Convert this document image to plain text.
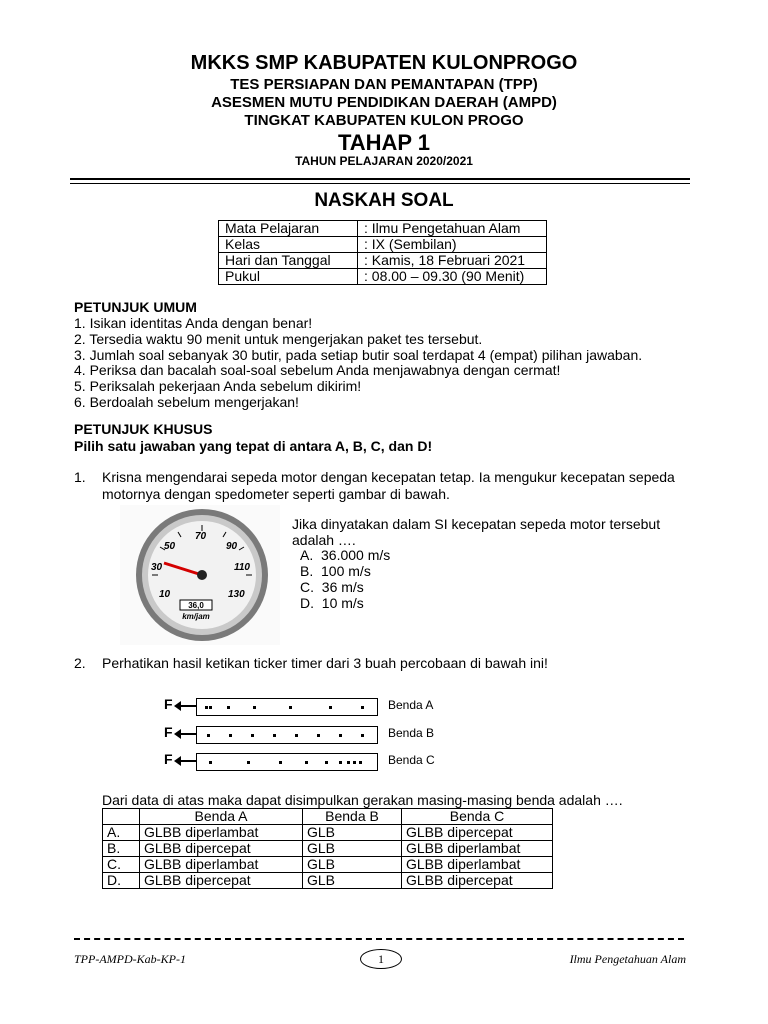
MKKS SMP KABUPATEN KULONPROGO
TES PERSIAPAN DAN PEMANTAPAN (TPP)
ASESMEN MUTU PENDIDIKAN DAERAH (AMPD)
TINGKAT KABUPATEN KULON PROGO
TAHAP 1
TAHUN PELAJARAN 2020/2021
NASKAH SOAL
Mata Pelajaran	: Ilmu Pengetahuan Alam
Kelas	: IX (Sembilan)
Hari dan Tanggal	: Kamis, 18 Februari 2021
Pukul	: 08.00 – 09.30 (90 Menit)
PETUNJUK UMUM
1. Isikan identitas Anda dengan benar!
2. Tersedia waktu 90 menit untuk mengerjakan paket tes tersebut.
3. Jumlah soal sebanyak 30 butir, pada setiap butir soal terdapat 4 (empat) pilihan jawaban.
4. Periksa dan bacalah soal-soal sebelum Anda menjawabnya dengan cermat!
5. Periksalah pekerjaan Anda sebelum dikirim!
6. Berdoalah sebelum mengerjakan!
PETUNJUK KHUSUS
Pilih satu jawaban yang tepat di antara A, B, C, dan D!
1. Krisna mengendarai sepeda motor dengan kecepatan tetap. Ia mengukur kecepatan sepeda
motornya dengan spedometer seperti gambar di bawah.
10
30
50
70
90
110
130
36,0
km/jam
Jika dinyatakan dalam SI kecepatan sepeda motor tersebut
adalah ….
A. 36.000 m/s
B. 100 m/s
C. 36 m/s
D. 10 m/s
2. Perhatikan hasil ketikan ticker timer dari 3 buah percobaan di bawah ini!
F	Benda A
F	Benda B
F	Benda C
Dari data di atas maka dapat disimpulkan gerakan masing-masing benda adalah ….
	Benda A	Benda B	Benda C
A.	GLBB diperlambat	GLB	GLBB dipercepat
B.	GLBB dipercepat	GLB	GLBB diperlambat
C.	GLBB diperlambat	GLB	GLBB diperlambat
D.	GLBB dipercepat	GLB	GLBB dipercepat
TPP-AMPD-Kab-KP-1	1	Ilmu Pengetahuan Alam
